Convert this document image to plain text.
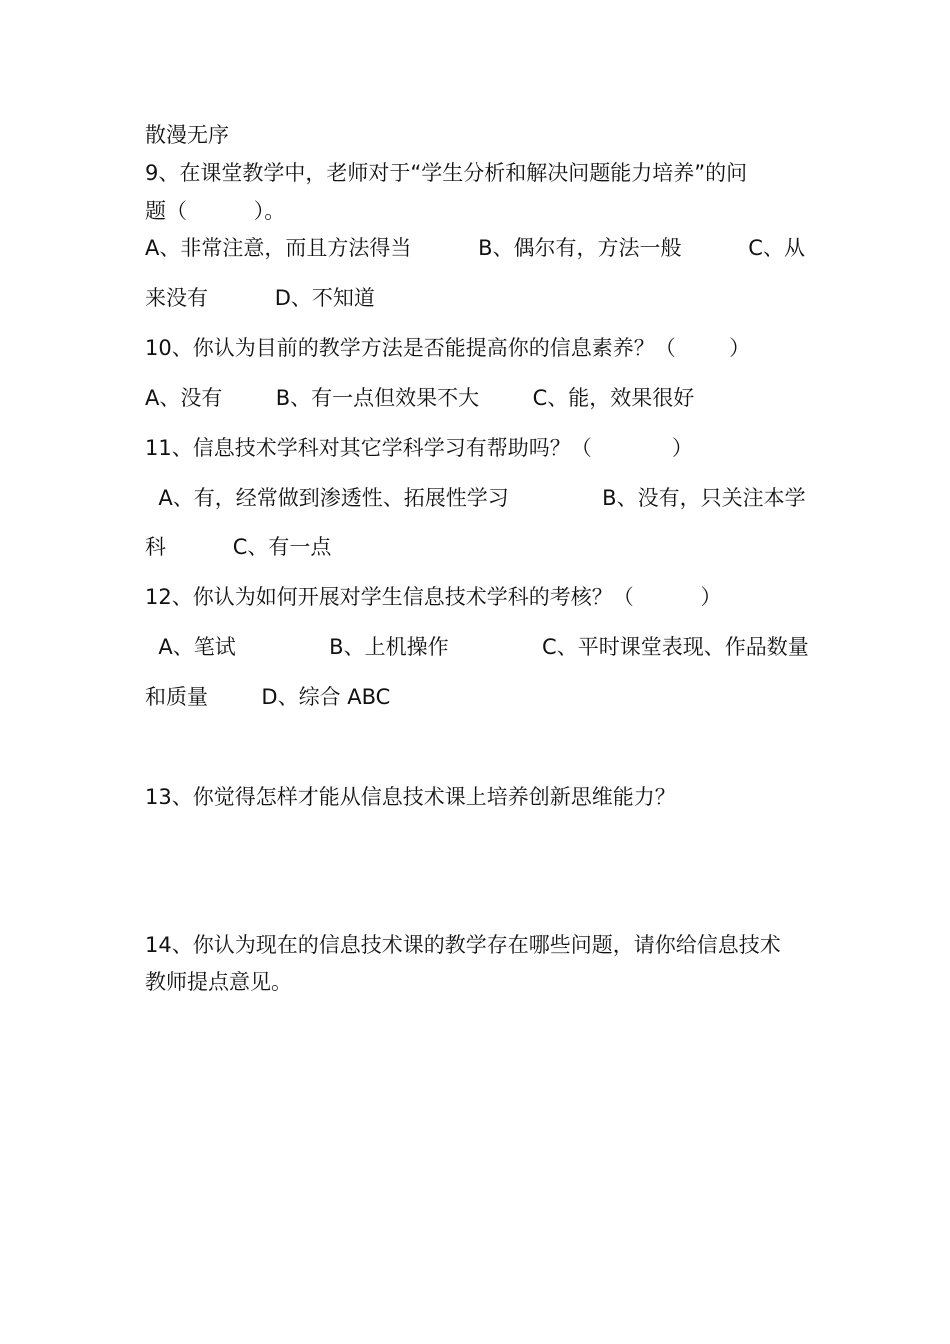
散漫无序
9、在课堂教学中，老师对于“学生分析和解决问题能力培养”的问
题（          ）。
A、非常注意，而且方法得当          B、偶尔有，方法一般          C、从
来没有          D、不知道
10、你认为目前的教学方法是否能提高你的信息素养？（        ）
A、没有        B、有一点但效果不大        C、能，效果很好
11、信息技术学科对其它学科学习有帮助吗？（            ）
A、有，经常做到渗透性、拓展性学习              B、没有，只关注本学
科          C、有一点
12、你认为如何开展对学生信息技术学科的考核？（          ）
A、笔试              B、上机操作              C、平时课堂表现、作品数量
和质量        D、综合 ABC
13、你觉得怎样才能从信息技术课上培养创新思维能力？
14、你认为现在的信息技术课的教学存在哪些问题，请你给信息技术
教师提点意见。
